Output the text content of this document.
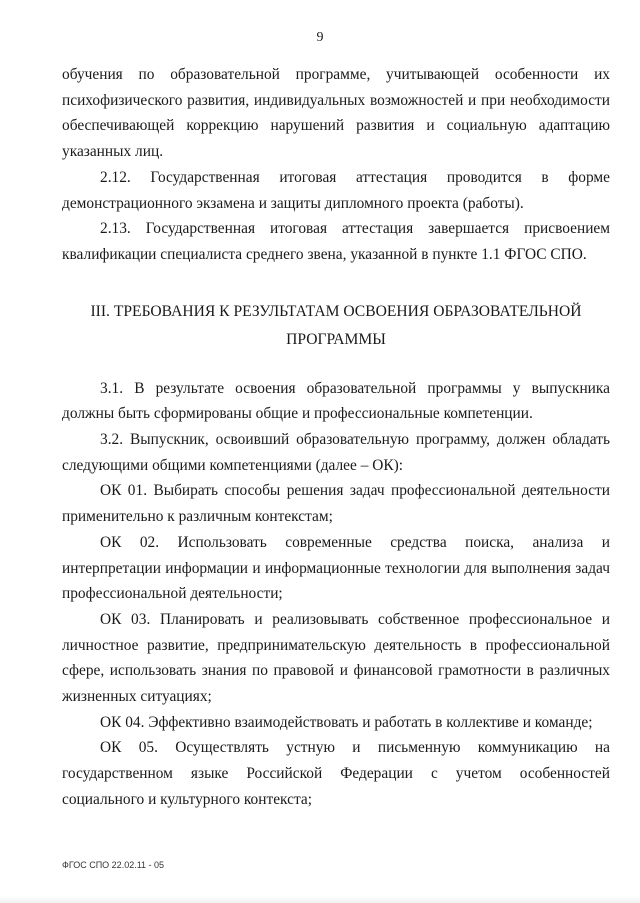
9

обучения по образовательной программе, учитывающей особенности их психофизического развития, индивидуальных возможностей и при необходимости обеспечивающей коррекцию нарушений развития и социальную адаптацию указанных лиц.

2.12. Государственная итоговая аттестация проводится в форме демонстрационного экзамена и защиты дипломного проекта (работы).

2.13. Государственная итоговая аттестация завершается присвоением квалификации специалиста среднего звена, указанной в пункте 1.1 ФГОС СПО.

III. ТРЕБОВАНИЯ К РЕЗУЛЬТАТАМ ОСВОЕНИЯ ОБРАЗОВАТЕЛЬНОЙ ПРОГРАММЫ

3.1. В результате освоения образовательной программы у выпускника должны быть сформированы общие и профессиональные компетенции.

3.2. Выпускник, освоивший образовательную программу, должен обладать следующими общими компетенциями (далее – ОК):

ОК 01. Выбирать способы решения задач профессиональной деятельности применительно к различным контекстам;

ОК 02. Использовать современные средства поиска, анализа и интерпретации информации и информационные технологии для выполнения задач профессиональной деятельности;

ОК 03. Планировать и реализовывать собственное профессиональное и личностное развитие, предпринимательскую деятельность в профессиональной сфере, использовать знания по правовой и финансовой грамотности в различных жизненных ситуациях;

ОК 04. Эффективно взаимодействовать и работать в коллективе и команде;

ОК 05. Осуществлять устную и письменную коммуникацию на государственном языке Российской Федерации с учетом особенностей социального и культурного контекста;

ФГОС СПО 22.02.11 - 05
